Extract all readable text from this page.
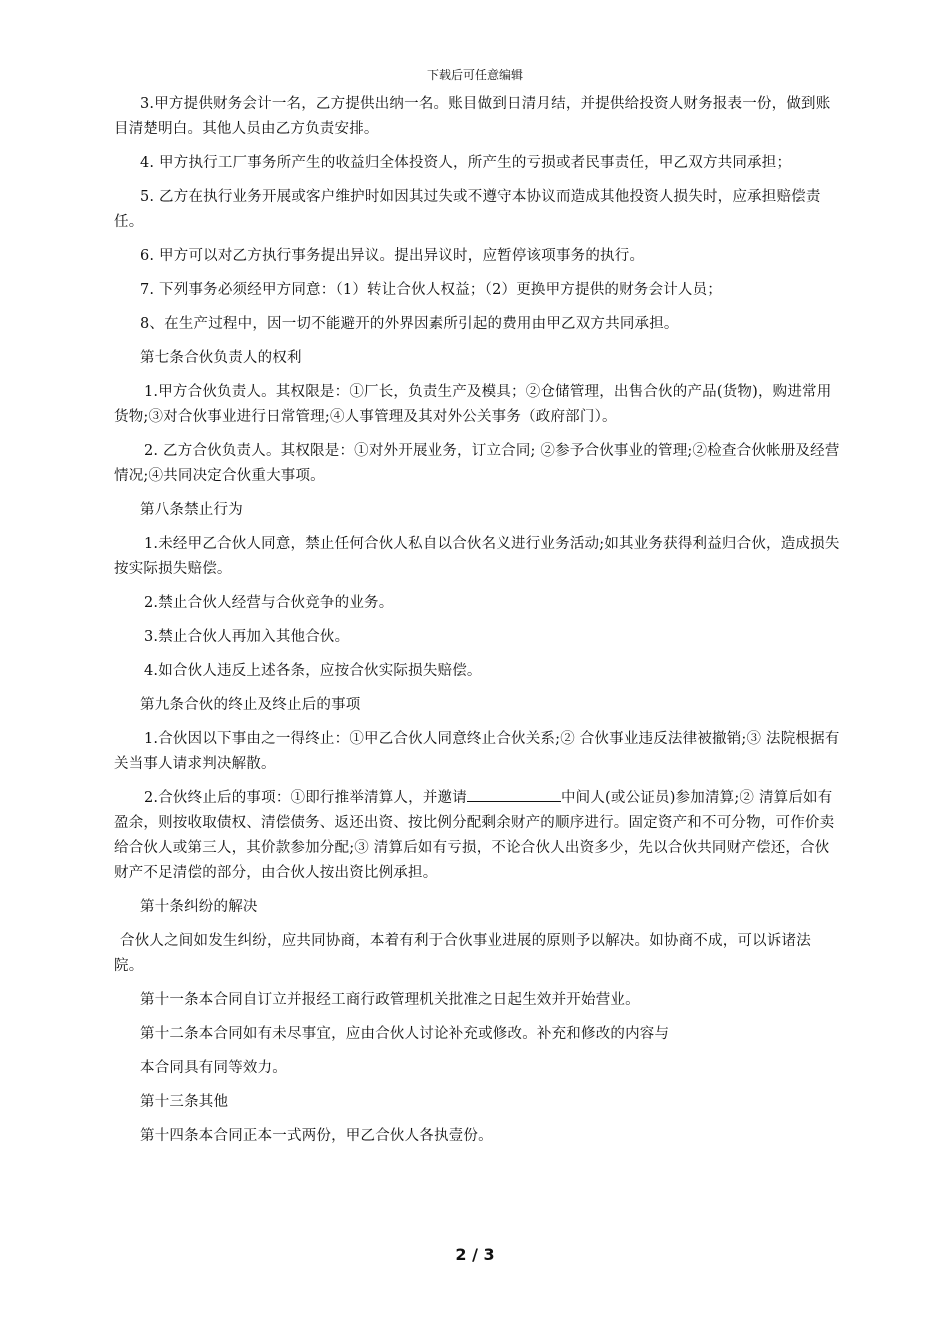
下载后可任意编辑

3.甲方提供财务会计一名，乙方提供出纳一名。账目做到日清月结，并提供给投资人财务报表一份，做到账目清楚明白。其他人员由乙方负责安排。

4. 甲方执行工厂事务所产生的收益归全体投资人，所产生的亏损或者民事责任，甲乙双方共同承担；

5. 乙方在执行业务开展或客户维护时如因其过失或不遵守本协议而造成其他投资人损失时，应承担赔偿责任。

6. 甲方可以对乙方执行事务提出异议。提出异议时，应暂停该项事务的执行。

7. 下列事务必须经甲方同意：（1）转让合伙人权益；（2）更换甲方提供的财务会计人员；

8、在生产过程中，因一切不能避开的外界因素所引起的费用由甲乙双方共同承担。

第七条合伙负责人的权利

1.甲方合伙负责人。其权限是：①厂长，负责生产及模具；②仓储管理，出售合伙的产品(货物)，购进常用货物;③对合伙事业进行日常管理;④人事管理及其对外公关事务（政府部门）。

2. 乙方合伙负责人。其权限是：①对外开展业务，订立合同; ②参予合伙事业的管理;②检查合伙帐册及经营情况;④共同决定合伙重大事项。

第八条禁止行为

1.未经甲乙合伙人同意，禁止任何合伙人私自以合伙名义进行业务活动;如其业务获得利益归合伙，造成损失按实际损失赔偿。

2.禁止合伙人经营与合伙竞争的业务。

3.禁止合伙人再加入其他合伙。

4.如合伙人违反上述各条，应按合伙实际损失赔偿。

第九条合伙的终止及终止后的事项

1.合伙因以下事由之一得终止：①甲乙合伙人同意终止合伙关系;② 合伙事业违反法律被撤销;③ 法院根据有关当事人请求判决解散。

2.合伙终止后的事项：①即行推举清算人，并邀请	中间人(或公证员)参加清算;② 清算后如有盈余，则按收取债权、清偿债务、返还出资、按比例分配剩余财产的顺序进行。固定资产和不可分物，可作价卖给合伙人或第三人，其价款参加分配;③ 清算后如有亏损，不论合伙人出资多少，先以合伙共同财产偿还，合伙财产不足清偿的部分，由合伙人按出资比例承担。

第十条纠纷的解决

合伙人之间如发生纠纷，应共同协商，本着有利于合伙事业进展的原则予以解决。如协商不成，可以诉诸法院。

第十一条本合同自订立并报经工商行政管理机关批准之日起生效并开始营业。

第十二条本合同如有未尽事宜，应由合伙人讨论补充或修改。补充和修改的内容与

本合同具有同等效力。

第十三条其他

第十四条本合同正本一式两份，甲乙合伙人各执壹份。

2 / 3
